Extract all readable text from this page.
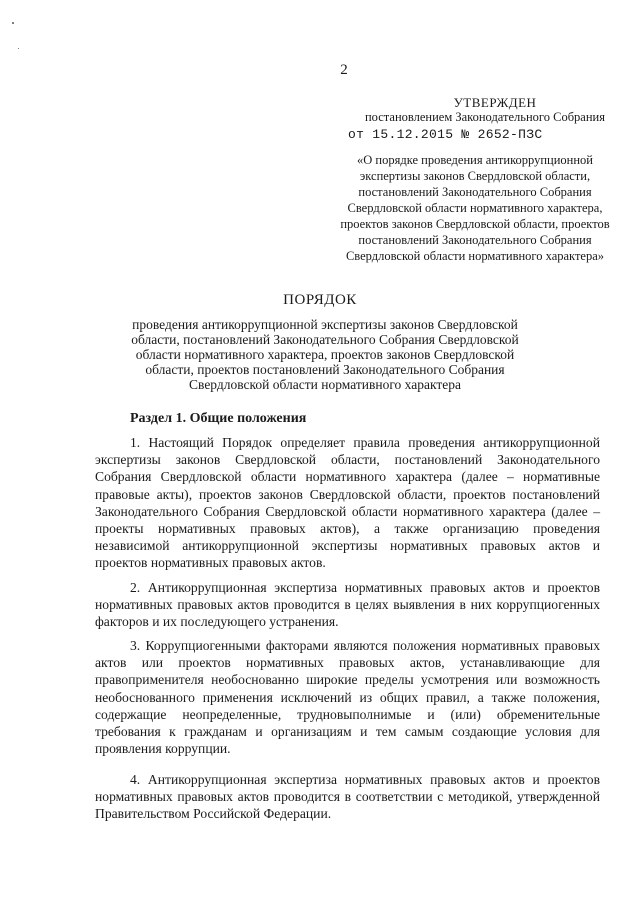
2
УТВЕРЖДЕН
постановлением Законодательного Собрания
от 15.12.2015 № 2652-ПЗС
«О порядке проведения антикоррупционной экспертизы законов Свердловской области, постановлений Законодательного Собрания Свердловской области нормативного характера, проектов законов Свердловской области, проектов постановлений Законодательного Собрания Свердловской области нормативного характера»
ПОРЯДОК
проведения антикоррупционной экспертизы законов Свердловской области, постановлений Законодательного Собрания Свердловской области нормативного характера, проектов законов Свердловской области, проектов постановлений Законодательного Собрания Свердловской области нормативного характера
Раздел 1. Общие положения

1. Настоящий Порядок определяет правила проведения антикоррупционной экспертизы законов Свердловской области, постановлений Законодательного Собрания Свердловской области нормативного характера (далее – нормативные правовые акты), проектов законов Свердловской области, проектов постановлений Законодательного Собрания Свердловской области нормативного характера (далее – проекты нормативных правовых актов), а также организацию проведения независимой антикоррупционной экспертизы нормативных правовых актов и проектов нормативных правовых актов.

2. Антикоррупционная экспертиза нормативных правовых актов и проектов нормативных правовых актов проводится в целях выявления в них коррупциогенных факторов и их последующего устранения.

3. Коррупциогенными факторами являются положения нормативных правовых актов или проектов нормативных правовых актов, устанавливающие для правоприменителя необоснованно широкие пределы усмотрения или возможность необоснованного применения исключений из общих правил, а также положения, содержащие неопределенные, трудновыполнимые и (или) обременительные требования к гражданам и организациям и тем самым создающие условия для проявления коррупции.

4. Антикоррупционная экспертиза нормативных правовых актов и проектов нормативных правовых актов проводится в соответствии с методикой, утвержденной Правительством Российской Федерации.
